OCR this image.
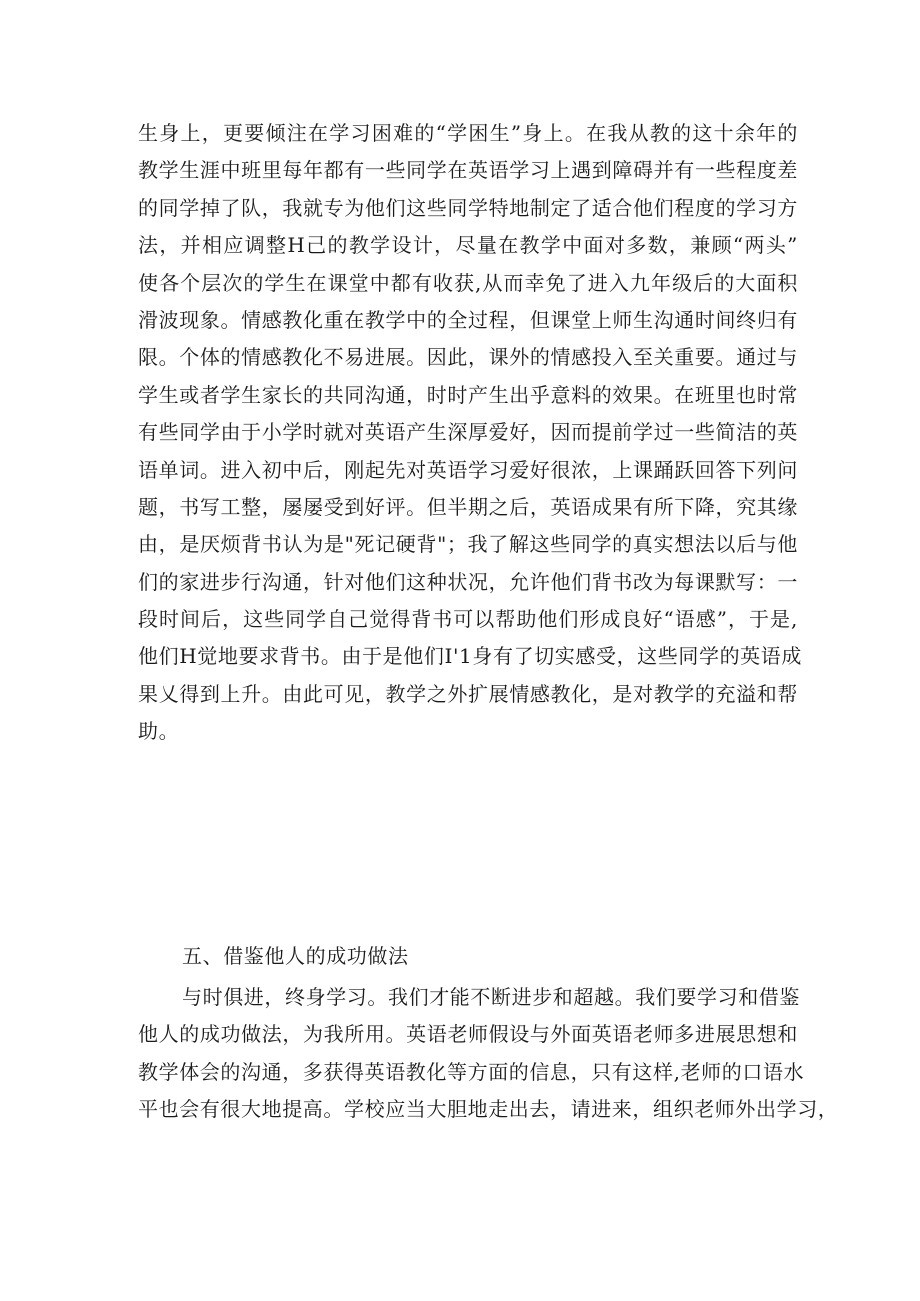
生身上，更要倾注在学习困难的“学困生”身上。在我从教的这十余年的
教学生涯中班里每年都有一些同学在英语学习上遇到障碍并有一些程度差
的同学掉了队，我就专为他们这些同学特地制定了适合他们程度的学习方
法，并相应调整H己的教学设计，尽量在教学中面对多数，兼顾“两头”
使各个层次的学生在课堂中都有收获,从而幸免了进入九年级后的大面积
滑波现象。情感教化重在教学中的全过程，但课堂上师生沟通时间终归有
限。个体的情感教化不易进展。因此，课外的情感投入至关重要。通过与
学生或者学生家长的共同沟通，时时产生出乎意料的效果。在班里也时常
有些同学由于小学时就对英语产生深厚爱好，因而提前学过一些简洁的英
语单词。进入初中后，刚起先对英语学习爱好很浓，上课踊跃回答下列问
题，书写工整，屡屡受到好评。但半期之后，英语成果有所下降，究其缘
由，是厌烦背书认为是"死记硬背"；我了解这些同学的真实想法以后与他
们的家进步行沟通，针对他们这种状况，允许他们背书改为每课默写：一
段时间后，这些同学自己觉得背书可以帮助他们形成良好“语感”，于是,
他们H觉地要求背书。由于是他们I'1身有了切实感受，这些同学的英语成
果乂得到上升。由此可见，教学之外扩展情感教化，是对教学的充溢和帮
助。
五、借鉴他人的成功做法
与时俱进，终身学习。我们才能不断进步和超越。我们要学习和借鉴
他人的成功做法，为我所用。英语老师假设与外面英语老师多进展思想和
教学体会的沟通，多获得英语教化等方面的信息，只有这样,老师的口语水
平也会有很大地提高。学校应当大胆地走出去，请进来，组织老师外出学习，
